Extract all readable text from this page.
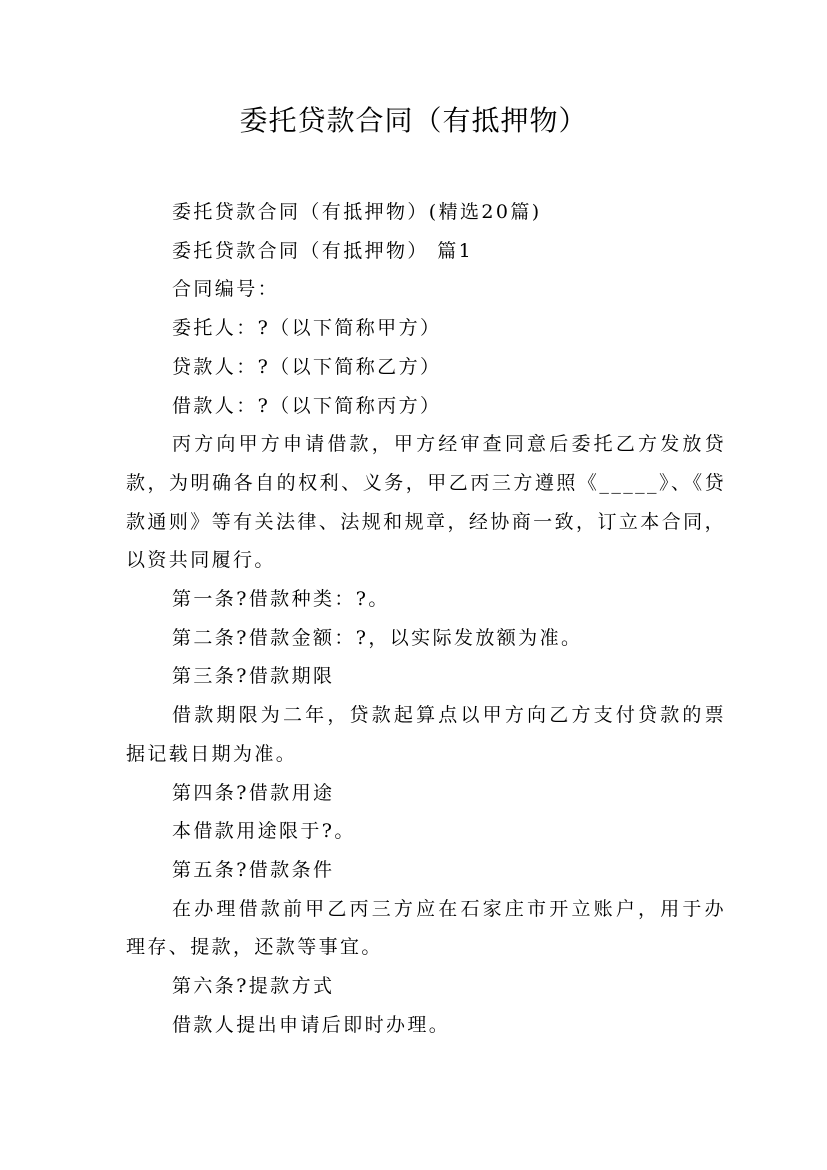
委托贷款合同（有抵押物）

委托贷款合同（有抵押物）(精选20篇)

委托贷款合同（有抵押物） 篇1

合同编号：

委托人：?（以下简称甲方）

贷款人：?（以下简称乙方）

借款人：?（以下简称丙方）

丙方向甲方申请借款，甲方经审查同意后委托乙方发放贷款，为明确各自的权利、义务，甲乙丙三方遵照《_____》、《贷款通则》等有关法律、法规和规章，经协商一致，订立本合同，以资共同履行。

第一条?借款种类：?。

第二条?借款金额：?，以实际发放额为准。

第三条?借款期限

借款期限为二年，贷款起算点以甲方向乙方支付贷款的票据记载日期为准。

第四条?借款用途

本借款用途限于?。

第五条?借款条件

在办理借款前甲乙丙三方应在石家庄市开立账户，用于办理存、提款，还款等事宜。

第六条?提款方式

借款人提出申请后即时办理。
